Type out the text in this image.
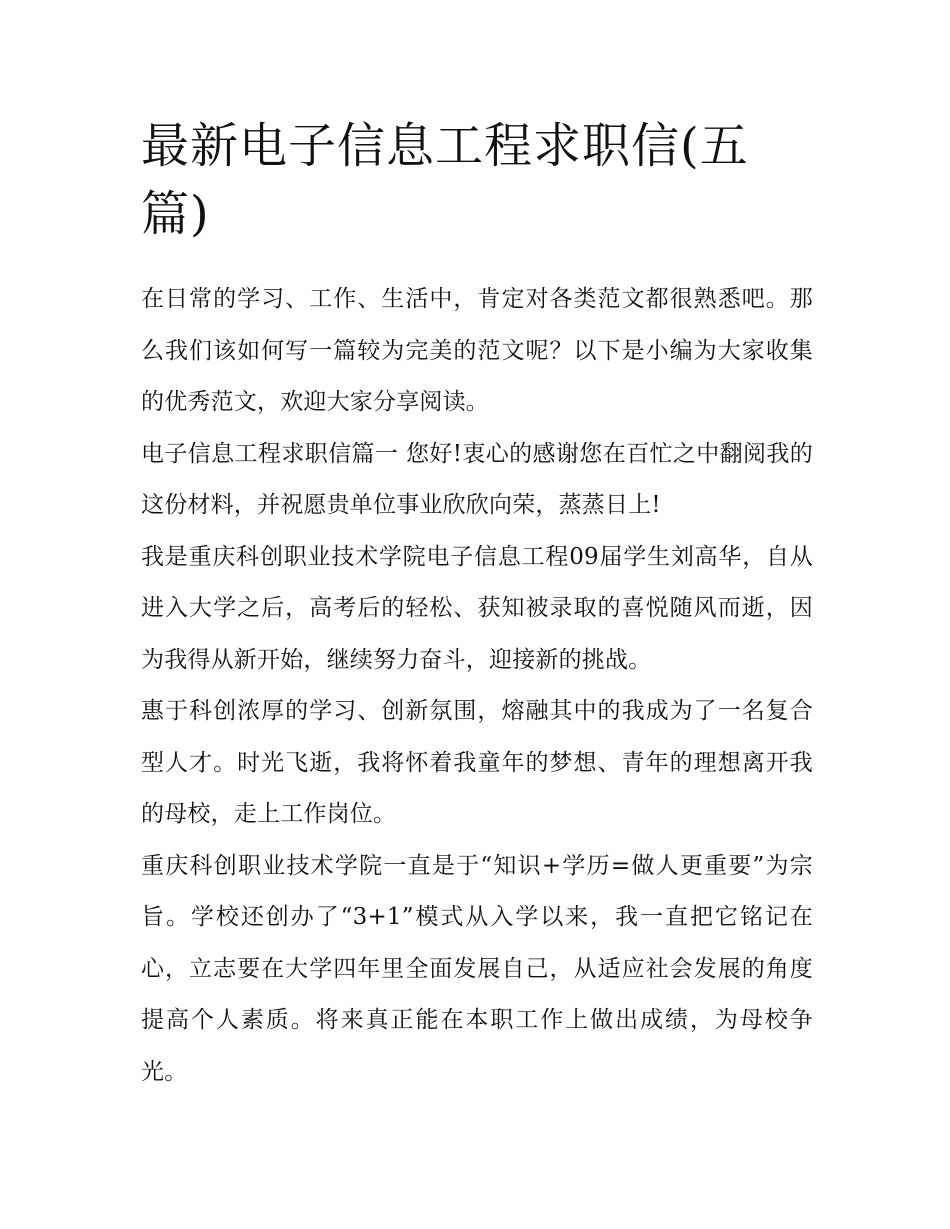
最新电子信息工程求职信(五篇)

在日常的学习、工作、生活中，肯定对各类范文都很熟悉吧。那么我们该如何写一篇较为完美的范文呢？以下是小编为大家收集的优秀范文，欢迎大家分享阅读。

电子信息工程求职信篇一 您好!衷心的感谢您在百忙之中翻阅我的这份材料，并祝愿贵单位事业欣欣向荣，蒸蒸日上!

我是重庆科创职业技术学院电子信息工程09届学生刘高华，自从进入大学之后，高考后的轻松、获知被录取的喜悦随风而逝，因为我得从新开始，继续努力奋斗，迎接新的挑战。

惠于科创浓厚的学习、创新氛围，熔融其中的我成为了一名复合型人才。时光飞逝，我将怀着我童年的梦想、青年的理想离开我的母校，走上工作岗位。

重庆科创职业技术学院一直是于“知识+学历=做人更重要”为宗旨。学校还创办了“3+1”模式从入学以来，我一直把它铭记在心，立志要在大学四年里全面发展自己，从适应社会发展的角度提高个人素质。将来真正能在本职工作上做出成绩，为母校争光。
